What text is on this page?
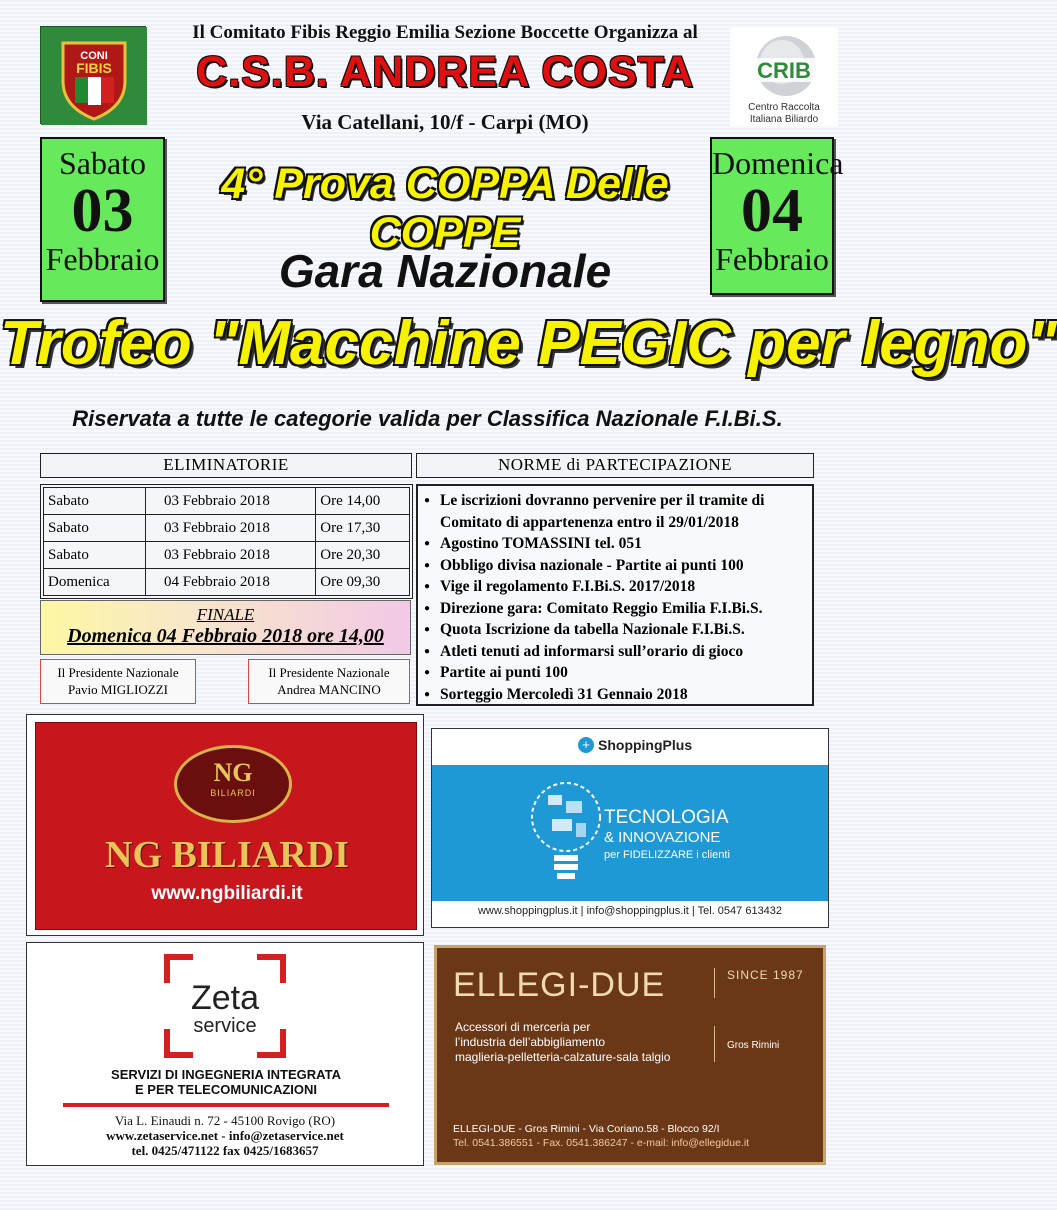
CONI
FIBIS	CRIB
Centro Raccolta
Italiana Biliardo
Il Comitato Fibis Reggio Emilia Sezione Boccette Organizza al
C.S.B. ANDREA COSTA
Via Catellani, 10/f - Carpi (MO)
Sabato
03
Febbraio
Domenica
04
Febbraio
4° Prova COPPA Delle COPPE
Gara Nazionale
Trofeo "Macchine PEGIC per legno"
Riservata a tutte le categorie valida per Classifica Nazionale F.I.Bi.S.
ELIMINATORIE
Sabato	03 Febbraio 2018	Ore 14,00
Sabato	03 Febbraio 2018	Ore 17,30
Sabato	03 Febbraio 2018	Ore 20,30
Domenica	04 Febbraio 2018	Ore 09,30
FINALE
Domenica 04 Febbraio 2018 ore 14,00
Il Presidente Nazionale
Pavio MIGLIOZZI
Il Presidente Nazionale
Andrea MANCINO
NORME di PARTECIPAZIONE
● Le iscrizioni dovranno pervenire per il tramite di Comitato di appartenenza entro il 29/01/2018
● Agostino TOMASSINI tel. 051
● Obbligo divisa nazionale - Partite ai punti 100
● Vige il regolamento F.I.Bi.S. 2017/2018
● Direzione gara: Comitato Reggio Emilia F.I.Bi.S.
● Quota Iscrizione da tabella Nazionale F.I.Bi.S.
● Atleti tenuti ad informarsi sull’orario di gioco
● Partite ai punti 100
● Sorteggio Mercoledì 31 Gennaio 2018
NG
BILIARDI
NG BILIARDI
www.ngbiliardi.it
+ ShoppingPlus
TECNOLOGIA
& INNOVAZIONE
per FIDELIZZARE i clienti
www.shoppingplus.it | info@shoppingplus.it | Tel. 0547 613432
Zeta
service
SERVIZI DI INGEGNERIA INTEGRATA
E PER TELECOMUNICAZIONI
Via L. Einaudi n. 72 - 45100 Rovigo (RO)
www.zetaservice.net - info@zetaservice.net
tel. 0425/471122 fax 0425/1683657
ELLEGI-DUE	SINCE 1987
Accessori di merceria per
l’industria dell’abbigliamento
maglieria-pelletteria-calzature-sala talgio
Gros Rimini
ELLEGI-DUE - Gros Rimini - Via Coriano.58 - Blocco 92/I
Tel. 0541.386551 - Fax. 0541.386247 - e-mail: info@ellegidue.it
